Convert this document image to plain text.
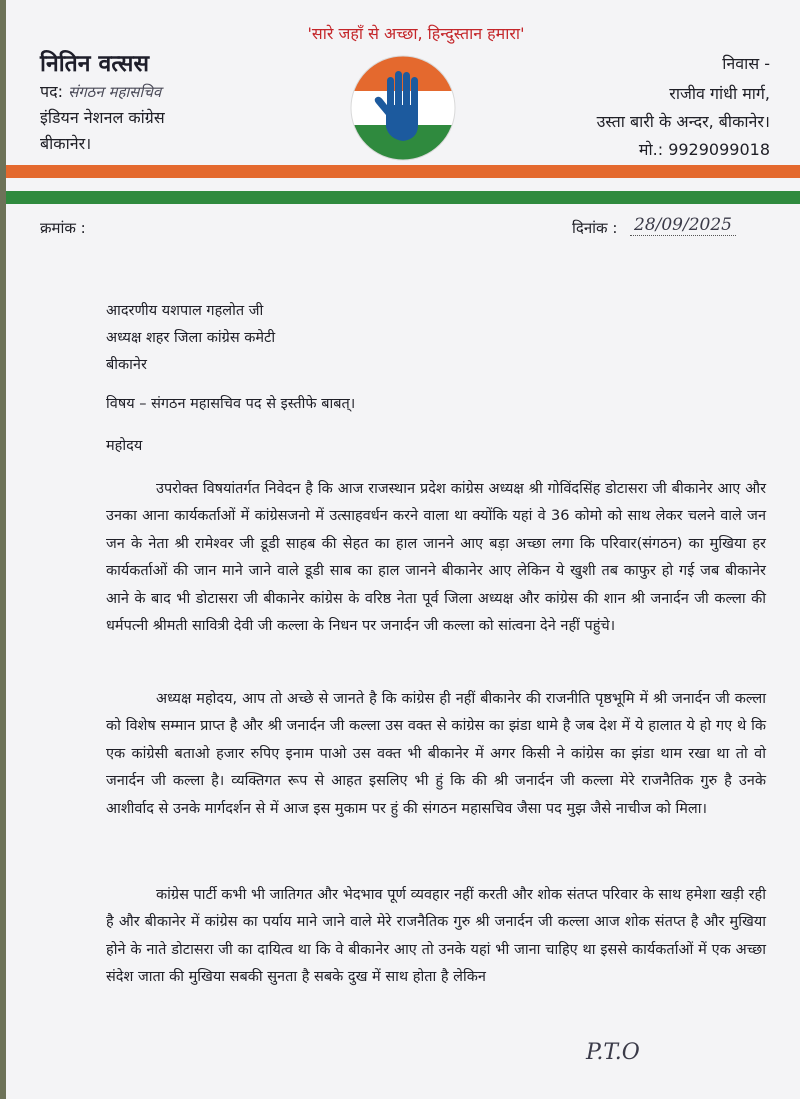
'सारे जहाँ से अच्छा, हिन्दुस्तान हमारा'
नितिन वत्सस
पद: संगठन महासचिव
इंडियन नेशनल कांग्रेस
बीकानेर।
निवास -
राजीव गांधी मार्ग,
उस्ता बारी के अन्दर, बीकानेर।
मो.: 9929099018
क्रमांक :	दिनांक : 28/09/2025
आदरणीय यशपाल गहलोत जी
अध्यक्ष शहर जिला कांग्रेस कमेटी
बीकानेर
विषय – संगठन महासचिव पद से इस्तीफे बाबत्।
महोदय
उपरोक्त विषयांतर्गत निवेदन है कि आज राजस्थान प्रदेश कांग्रेस अध्यक्ष श्री गोविंदसिंह डोटासरा जी बीकानेर आए और उनका आना कार्यकर्ताओं में कांग्रेसजनो में उत्साहवर्धन करने वाला था क्योंकि यहां वे 36 कोमो को साथ लेकर चलने वाले जन जन के नेता श्री रामेश्वर जी डूडी साहब की सेहत का हाल जानने आए बड़ा अच्छा लगा कि परिवार(संगठन) का मुखिया हर कार्यकर्ताओं की जान माने जाने वाले डूडी साब का हाल जानने बीकानेर आए लेकिन ये खुशी तब काफुर हो गई जब बीकानेर आने के बाद भी डोटासरा जी बीकानेर कांग्रेस के वरिष्ठ नेता पूर्व जिला अध्यक्ष और कांग्रेस की शान श्री जनार्दन जी कल्ला की धर्मपत्नी श्रीमती सावित्री देवी जी कल्ला के निधन पर जनार्दन जी कल्ला को सांत्वना देने नहीं पहुंचे।
अध्यक्ष महोदय, आप तो अच्छे से जानते है कि कांग्रेस ही नहीं बीकानेर की राजनीति पृष्ठभूमि में श्री जनार्दन जी कल्ला को विशेष सम्मान प्राप्त है और श्री जनार्दन जी कल्ला उस वक्त से कांग्रेस का झंडा थामे है जब देश में ये हालात ये हो गए थे कि एक कांग्रेसी बताओ हजार रुपिए इनाम पाओ उस वक्त भी बीकानेर में अगर किसी ने कांग्रेस का झंडा थाम रखा था तो वो जनार्दन जी कल्ला है। व्यक्तिगत रूप से आहत इसलिए भी हुं कि की श्री जनार्दन जी कल्ला मेरे राजनैतिक गुरु है उनके आशीर्वाद से उनके मार्गदर्शन से में आज इस मुकाम पर हुं की संगठन महासचिव जैसा पद मुझ जैसे नाचीज को मिला।
कांग्रेस पार्टी कभी भी जातिगत और भेदभाव पूर्ण व्यवहार नहीं करती और शोक संतप्त परिवार के साथ हमेशा खड़ी रही है और बीकानेर में कांग्रेस का पर्याय माने जाने वाले मेरे राजनैतिक गुरु श्री जनार्दन जी कल्ला आज शोक संतप्त है और मुखिया होने के नाते डोटासरा जी का दायित्व था कि वे बीकानेर आए तो उनके यहां भी जाना चाहिए था इससे कार्यकर्ताओं में एक अच्छा संदेश जाता की मुखिया सबकी सुनता है सबके दुख में साथ होता है लेकिन
P.T.O
